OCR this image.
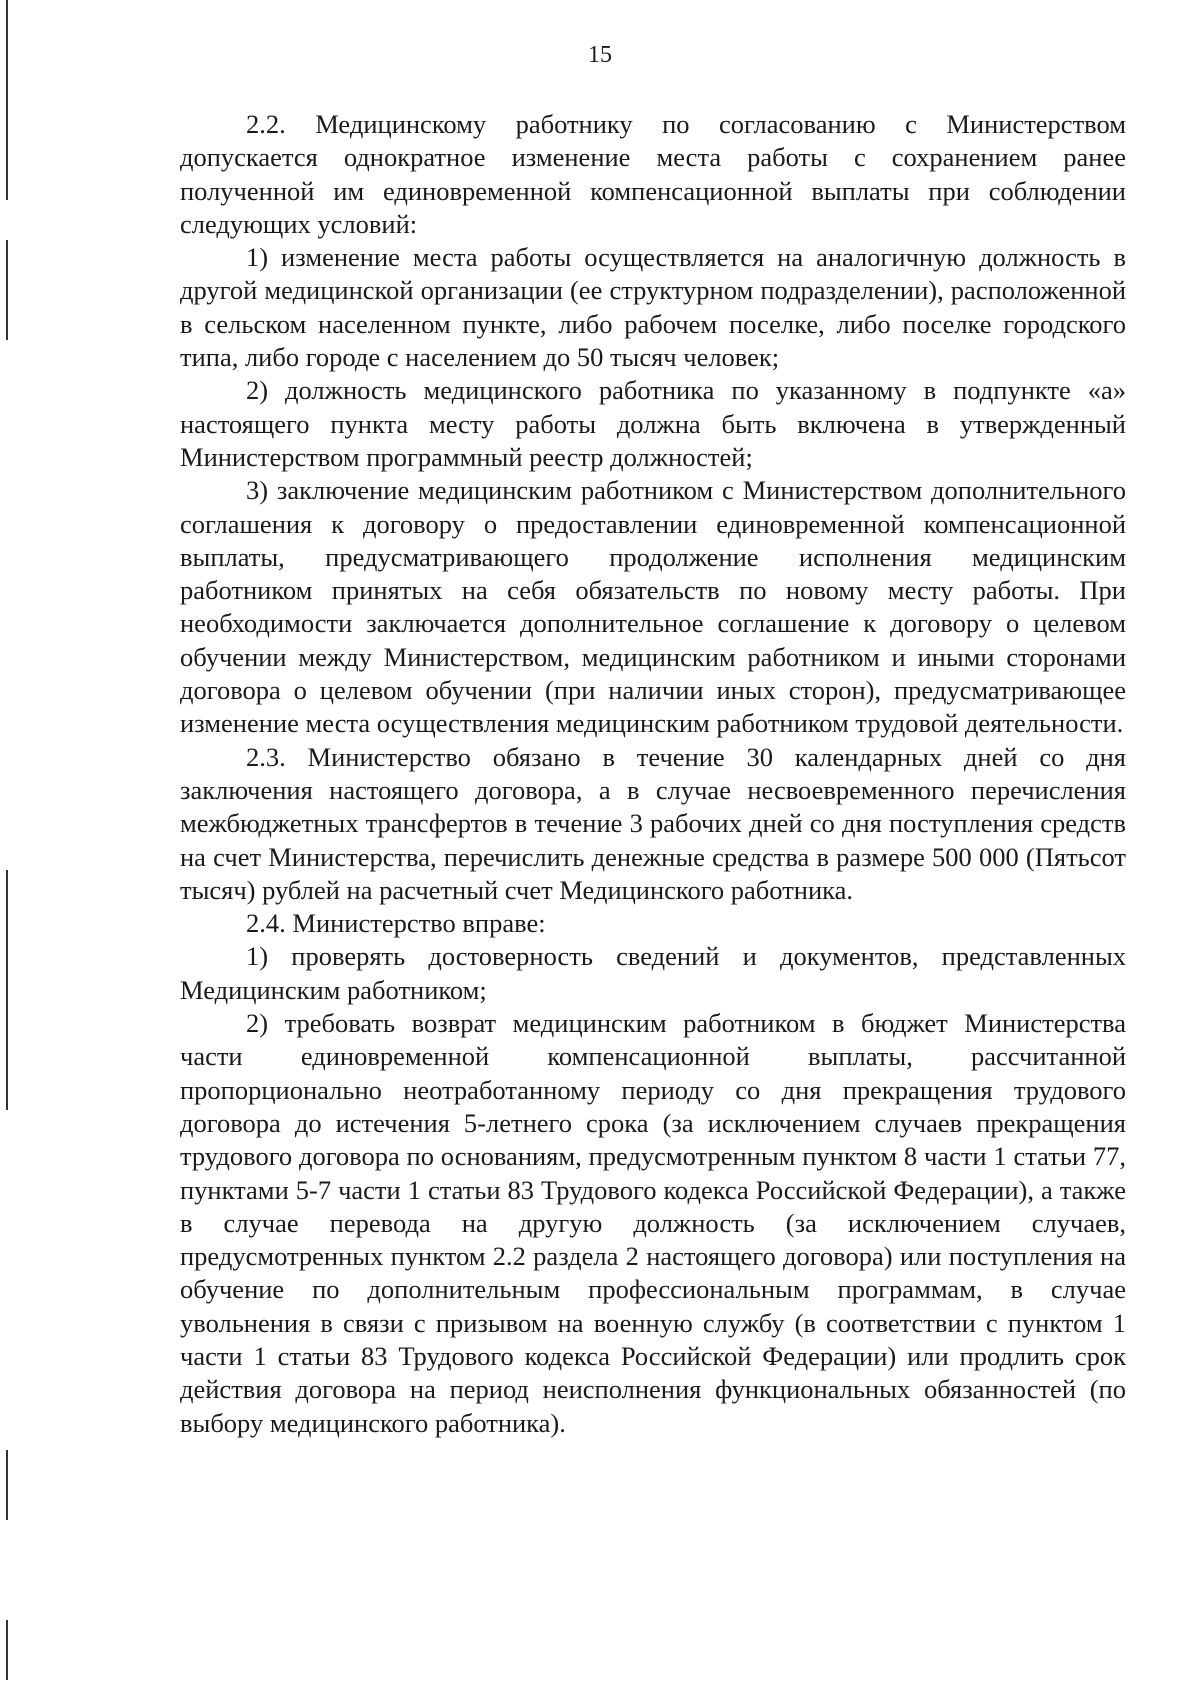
15

2.2. Медицинскому работнику по согласованию с Министерством допускается однократное изменение места работы с сохранением ранее полученной им единовременной компенсационной выплаты при соблюдении следующих условий:

1) изменение места работы осуществляется на аналогичную должность в другой медицинской организации (ее структурном подразделении), расположенной в сельском населенном пункте, либо рабочем поселке, либо поселке городского типа, либо городе с населением до 50 тысяч человек;

2) должность медицинского работника по указанному в подпункте «а» настоящего пункта месту работы должна быть включена в утвержденный Министерством программный реестр должностей;

3) заключение медицинским работником с Министерством дополнительного соглашения к договору о предоставлении единовременной компенсационной выплаты, предусматривающего продолжение исполнения медицинским работником принятых на себя обязательств по новому месту работы. При необходимости заключается дополнительное соглашение к договору о целевом обучении между Министерством, медицинским работником и иными сторонами договора о целевом обучении (при наличии иных сторон), предусматривающее изменение места осуществления медицинским работником трудовой деятельности.

2.3. Министерство обязано в течение 30 календарных дней со дня заключения настоящего договора, а в случае несвоевременного перечисления межбюджетных трансфертов в течение 3 рабочих дней со дня поступления средств на счет Министерства, перечислить денежные средства в размере 500 000 (Пятьсот тысяч) рублей на расчетный счет Медицинского работника.

2.4. Министерство вправе:

1) проверять достоверность сведений и документов, представленных Медицинским работником;

2) требовать возврат медицинским работником в бюджет Министерства части единовременной компенсационной выплаты, рассчитанной пропорционально неотработанному периоду со дня прекращения трудового договора до истечения 5-летнего срока (за исключением случаев прекращения трудового договора по основаниям, предусмотренным пунктом 8 части 1 статьи 77, пунктами 5-7 части 1 статьи 83 Трудового кодекса Российской Федерации), а также в случае перевода на другую должность (за исключением случаев, предусмотренных пунктом 2.2 раздела 2 настоящего договора) или поступления на обучение по дополнительным профессиональным программам, в случае увольнения в связи с призывом на военную службу (в соответствии с пунктом 1 части 1 статьи 83 Трудового кодекса Российской Федерации) или продлить срок действия договора на период неисполнения функциональных обязанностей (по выбору медицинского работника).
